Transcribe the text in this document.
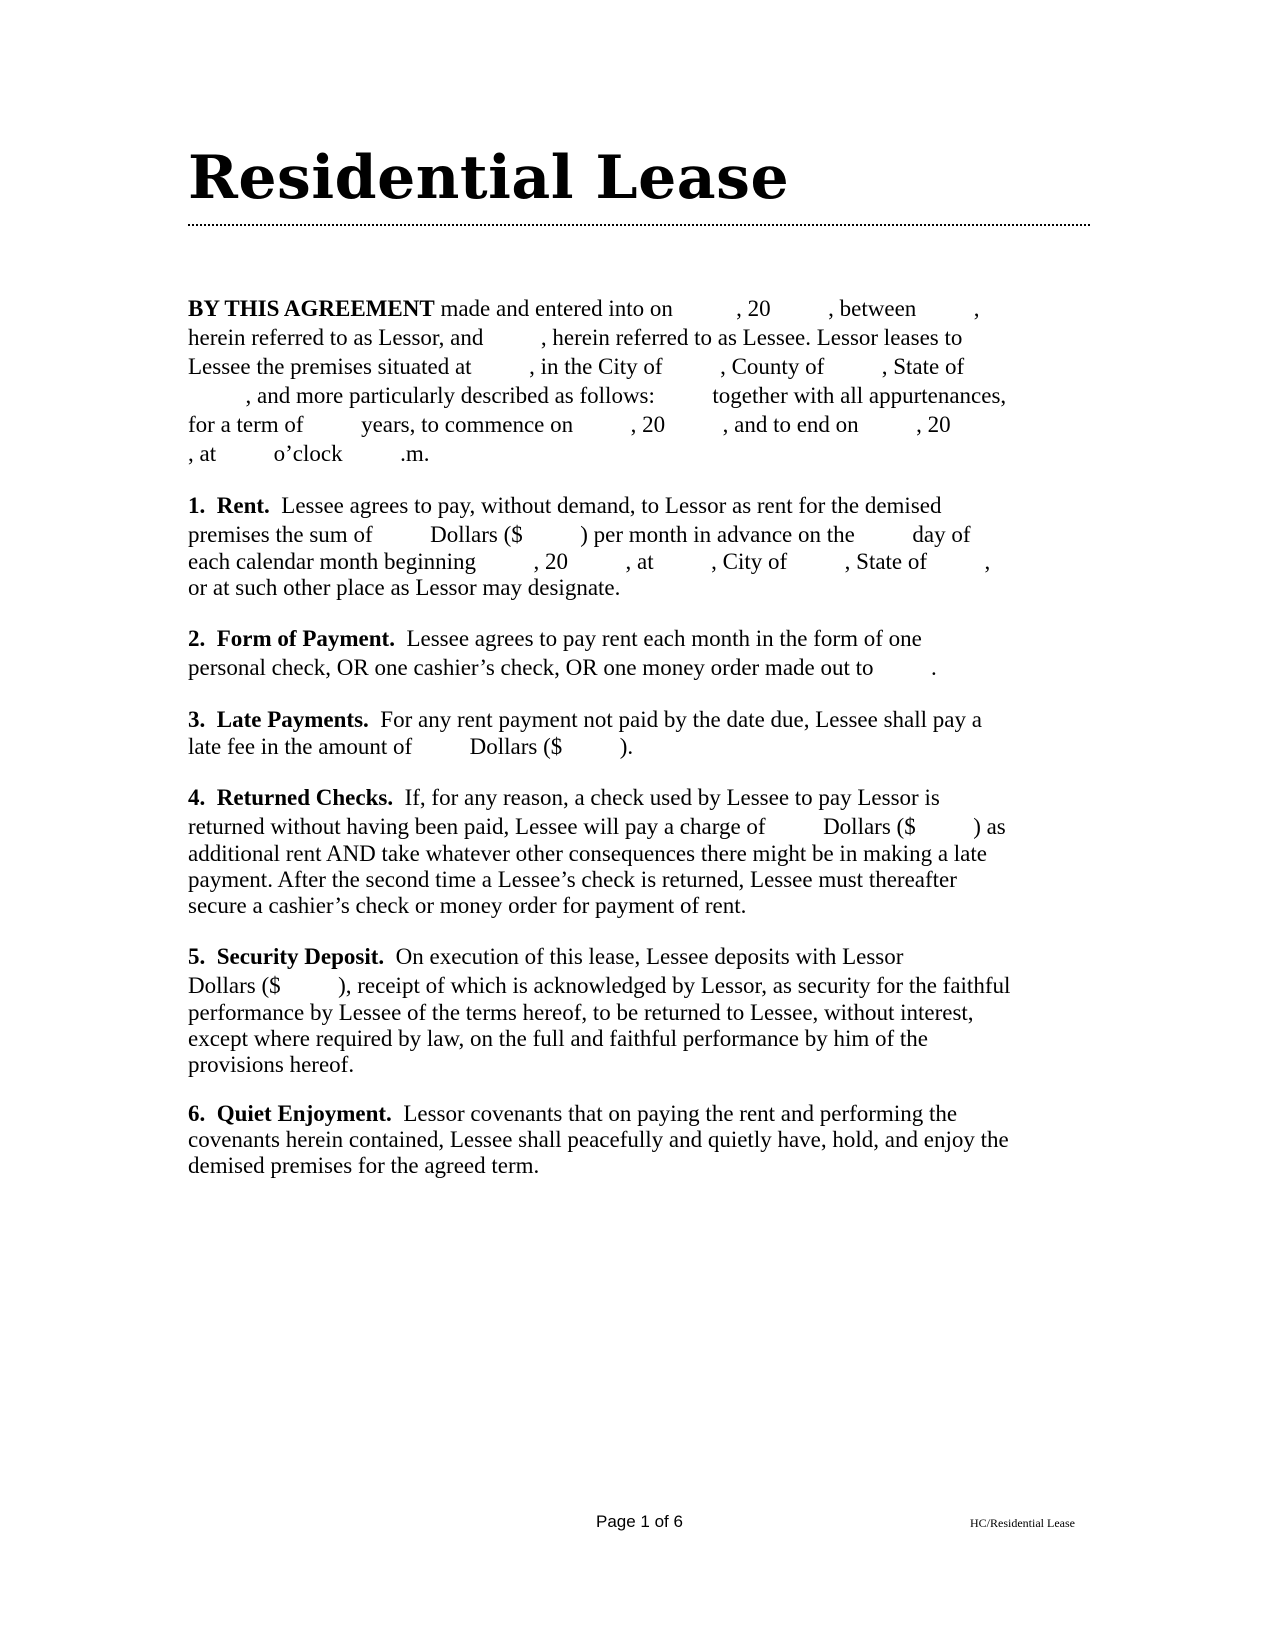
Residential Lease
BY THIS AGREEMENT made and entered into on           , 20          , between          ,
herein referred to as Lessor, and          , herein referred to as Lessee. Lessor leases to
Lessee the premises situated at          , in the City of          , County of          , State of
, and more particularly described as follows:          together with all appurtenances,
for a term of          years, to commence on          , 20          , and to end on          , 20
, at          o’clock          .m.
1.  Rent.  Lessee agrees to pay, without demand, to Lessor as rent for the demised
premises the sum of          Dollars ($          ) per month in advance on the          day of
each calendar month beginning          , 20          , at          , City of          , State of          ,
or at such other place as Lessor may designate.
2.  Form of Payment.  Lessee agrees to pay rent each month in the form of one
personal check, OR one cashier’s check, OR one money order made out to          .
3.  Late Payments.  For any rent payment not paid by the date due, Lessee shall pay a
late fee in the amount of          Dollars ($          ).
4.  Returned Checks.  If, for any reason, a check used by Lessee to pay Lessor is
returned without having been paid, Lessee will pay a charge of          Dollars ($          ) as
additional rent AND take whatever other consequences there might be in making a late
payment. After the second time a Lessee’s check is returned, Lessee must thereafter
secure a cashier’s check or money order for payment of rent.
5.  Security Deposit.  On execution of this lease, Lessee deposits with Lessor
Dollars ($          ), receipt of which is acknowledged by Lessor, as security for the faithful
performance by Lessee of the terms hereof, to be returned to Lessee, without interest,
except where required by law, on the full and faithful performance by him of the
provisions hereof.
6.  Quiet Enjoyment.  Lessor covenants that on paying the rent and performing the
covenants herein contained, Lessee shall peacefully and quietly have, hold, and enjoy the
demised premises for the agreed term.
Page 1 of 6	HC/Residential Lease
